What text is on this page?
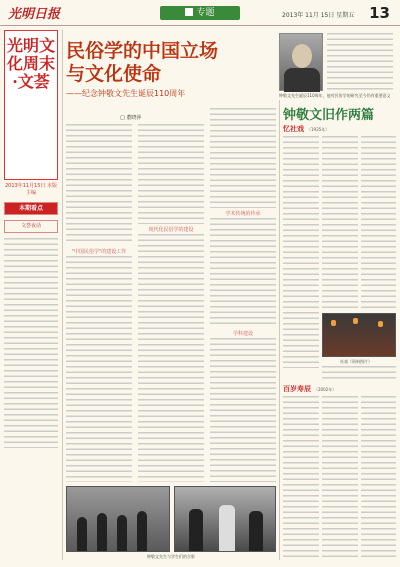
光明日报	专题	2013年 11月 15日 星期五 13
光明文化周末·文荟
2013年11月15日 本版主编
本期看点
文荟夜话
民俗学的中国立场
与文化使命
——纪念钟敬文先生诞辰110周年
□ 董晓萍
钟敬文先生诞辰110周年，他对民俗学的研究至今仍有重要意义
"中国民俗学"的建设工作
现代化民俗学的建设
学术传统的传承
学科建设
钟敬文旧作两篇
忆社戏 （1935年）
社戏（资料图片）
百岁寿辰 （2002年）
钟敬文先生与学生们的合影
